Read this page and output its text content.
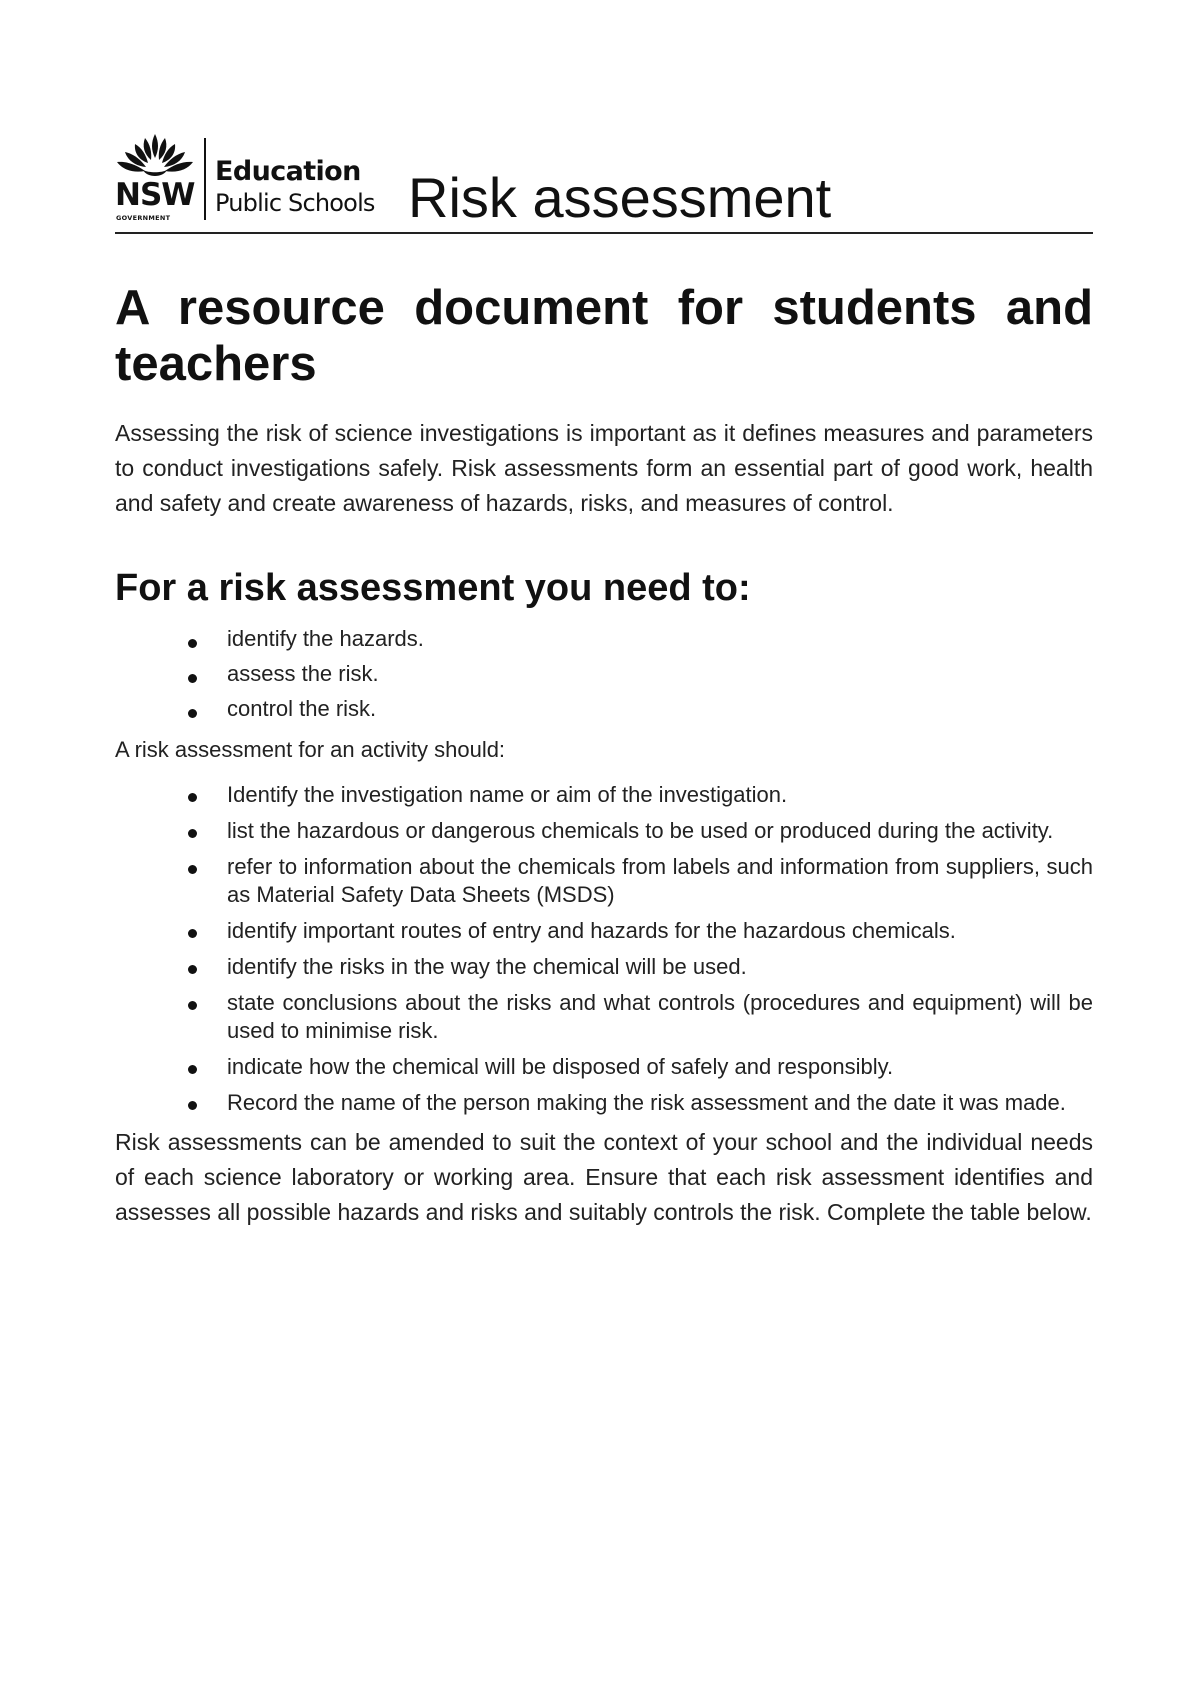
NSW
GOVERNMENT
Education
Public Schools Risk assessment
A resource document for students and teachers

Assessing the risk of science investigations is important as it defines measures and parameters to conduct investigations safely. Risk assessments form an essential part of good work, health and safety and create awareness of hazards, risks, and measures of control.

For a risk assessment you need to:
identify the hazards.
assess the risk.
control the risk.

A risk assessment for an activity should:

Identify the investigation name or aim of the investigation.
list the hazardous or dangerous chemicals to be used or produced during the activity.
refer to information about the chemicals from labels and information from suppliers, such as Material Safety Data Sheets (MSDS)
identify important routes of entry and hazards for the hazardous chemicals.
identify the risks in the way the chemical will be used.
state conclusions about the risks and what controls (procedures and equipment) will be used to minimise risk.
indicate how the chemical will be disposed of safely and responsibly.
Record the name of the person making the risk assessment and the date it was made.

Risk assessments can be amended to suit the context of your school and the individual needs of each science laboratory or working area. Ensure that each risk assessment identifies and assesses all possible hazards and risks and suitably controls the risk. Complete the table below.
